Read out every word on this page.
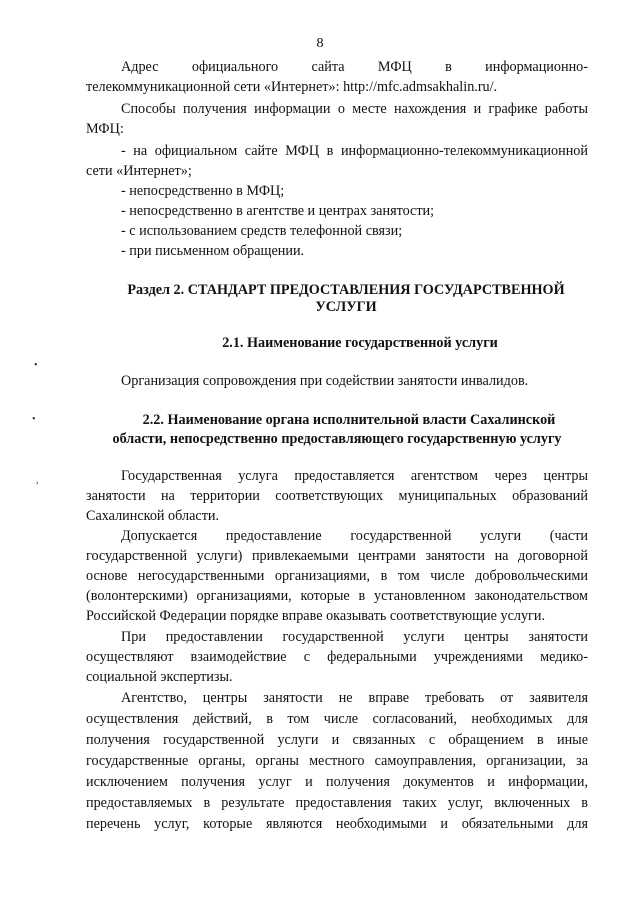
8
Адрес официального сайта МФЦ в информационно-
телекоммуникационной сети «Интернет»: http://mfc.admsakhalin.ru/.
Способы получения информации о месте нахождения и графике работы
МФЦ:
- на официальном сайте МФЦ в информационно-телекоммуникационной
сети «Интернет»;
- непосредственно в МФЦ;
- непосредственно в агентстве и центрах занятости;
- с использованием средств телефонной связи;
- при письменном обращении.
Раздел 2. СТАНДАРТ ПРЕДОСТАВЛЕНИЯ ГОСУДАРСТВЕННОЙ
УСЛУГИ
2.1. Наименование государственной услуги
•
Организация сопровождения при содействии занятости инвалидов.
•	2.2. Наименование органа исполнительной власти Сахалинской
области, непосредственно предоставляющего государственную услугу
,	Государственная услуга предоставляется агентством через центры
занятости на территории соответствующих муниципальных образований
Сахалинской области.
Допускается предоставление государственной услуги (части
государственной услуги) привлекаемыми центрами занятости на договорной
основе негосударственными организациями, в том числе добровольческими
(волонтерскими) организациями, которые в установленном законодательством
Российской Федерации порядке вправе оказывать соответствующие услуги.
При предоставлении государственной услуги центры занятости
осуществляют взаимодействие с федеральными учреждениями медико-
социальной экспертизы.
Агентство, центры занятости не вправе требовать от заявителя
осуществления действий, в том числе согласований, необходимых для
получения государственной услуги и связанных с обращением в иные
государственные органы, органы местного самоуправления, организации, за
исключением получения услуг и получения документов и информации,
предоставляемых в результате предоставления таких услуг, включенных в
перечень услуг, которые являются необходимыми и обязательными для
